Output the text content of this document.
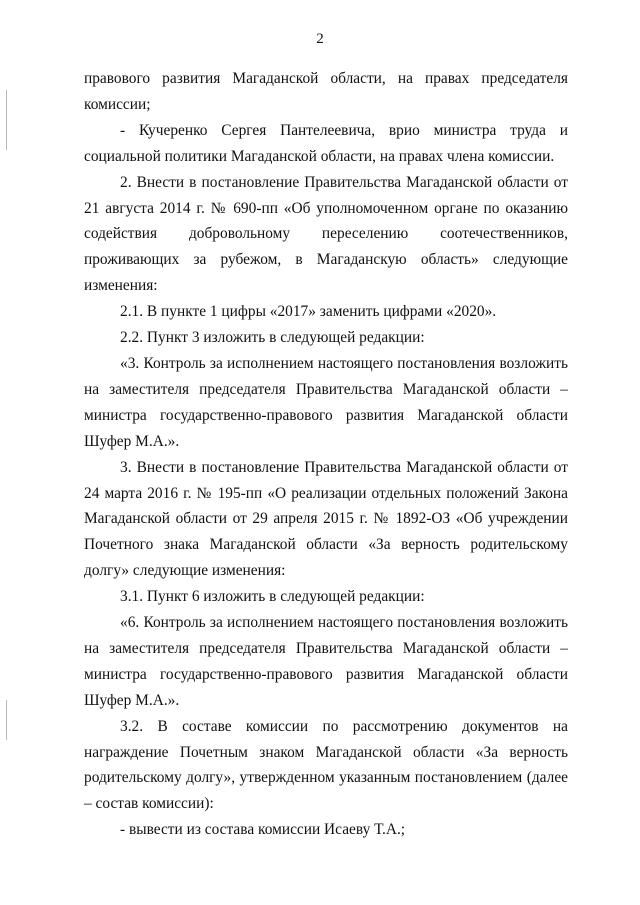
2

правового развития Магаданской области, на правах председателя комиссии;

- Кучеренко Сергея Пантелеевича, врио министра труда и социальной политики Магаданской области, на правах члена комиссии.

2. Внести в постановление Правительства Магаданской области от 21 августа 2014 г. № 690-пп «Об уполномоченном органе по оказанию содействия добровольному переселению соотечественников, проживающих за рубежом, в Магаданскую область» следующие изменения:

2.1. В пункте 1 цифры «2017» заменить цифрами «2020».

2.2. Пункт 3 изложить в следующей редакции:

«3. Контроль за исполнением настоящего постановления возложить на заместителя председателя Правительства Магаданской области – министра государственно-правового развития Магаданской области Шуфер М.А.».

3. Внести в постановление Правительства Магаданской области от 24 марта 2016 г. № 195-пп «О реализации отдельных положений Закона Магаданской области от 29 апреля 2015 г. № 1892-ОЗ «Об учреждении Почетного знака Магаданской области «За верность родительскому долгу» следующие изменения:

3.1. Пункт 6 изложить в следующей редакции:

«6. Контроль за исполнением настоящего постановления возложить на заместителя председателя Правительства Магаданской области – министра государственно-правового развития Магаданской области Шуфер М.А.».

3.2. В составе комиссии по рассмотрению документов на награждение Почетным знаком Магаданской области «За верность родительскому долгу», утвержденном указанным постановлением (далее – состав комиссии):

- вывести из состава комиссии Исаеву Т.А.;
